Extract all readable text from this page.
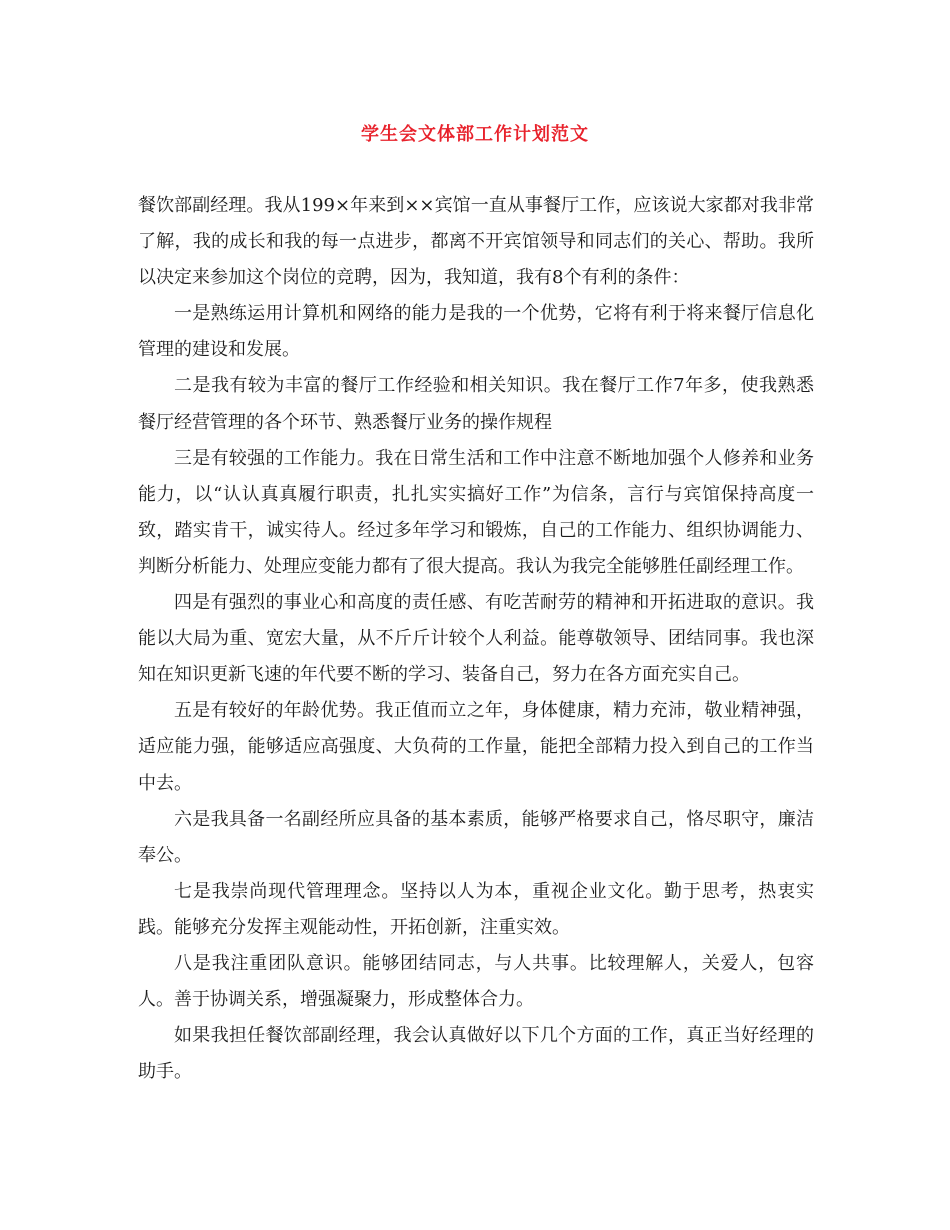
学生会文体部工作计划范文

餐饮部副经理。我从199×年来到××宾馆一直从事餐厅工作，应该说大家都对我非常了解，我的成长和我的每一点进步，都离不开宾馆领导和同志们的关心、帮助。我所以决定来参加这个岗位的竞聘，因为，我知道，我有8个有利的条件：

一是熟练运用计算机和网络的能力是我的一个优势，它将有利于将来餐厅信息化管理的建设和发展。

二是我有较为丰富的餐厅工作经验和相关知识。我在餐厅工作7年多，使我熟悉餐厅经营管理的各个环节、熟悉餐厅业务的操作规程

三是有较强的工作能力。我在日常生活和工作中注意不断地加强个人修养和业务能力，以“认认真真履行职责，扎扎实实搞好工作”为信条，言行与宾馆保持高度一致，踏实肯干，诚实待人。经过多年学习和锻炼，自己的工作能力、组织协调能力、判断分析能力、处理应变能力都有了很大提高。我认为我完全能够胜任副经理工作。

四是有强烈的事业心和高度的责任感、有吃苦耐劳的精神和开拓进取的意识。我能以大局为重、宽宏大量，从不斤斤计较个人利益。能尊敬领导、团结同事。我也深知在知识更新飞速的年代要不断的学习、装备自己，努力在各方面充实自己。

五是有较好的年龄优势。我正值而立之年，身体健康，精力充沛，敬业精神强，适应能力强，能够适应高强度、大负荷的工作量，能把全部精力投入到自己的工作当中去。

六是我具备一名副经所应具备的基本素质，能够严格要求自己，恪尽职守，廉洁奉公。

七是我崇尚现代管理理念。坚持以人为本，重视企业文化。勤于思考，热衷实践。能够充分发挥主观能动性，开拓创新，注重实效。

八是我注重团队意识。能够团结同志，与人共事。比较理解人，关爱人，包容人。善于协调关系，增强凝聚力，形成整体合力。

如果我担任餐饮部副经理，我会认真做好以下几个方面的工作，真正当好经理的助手。
